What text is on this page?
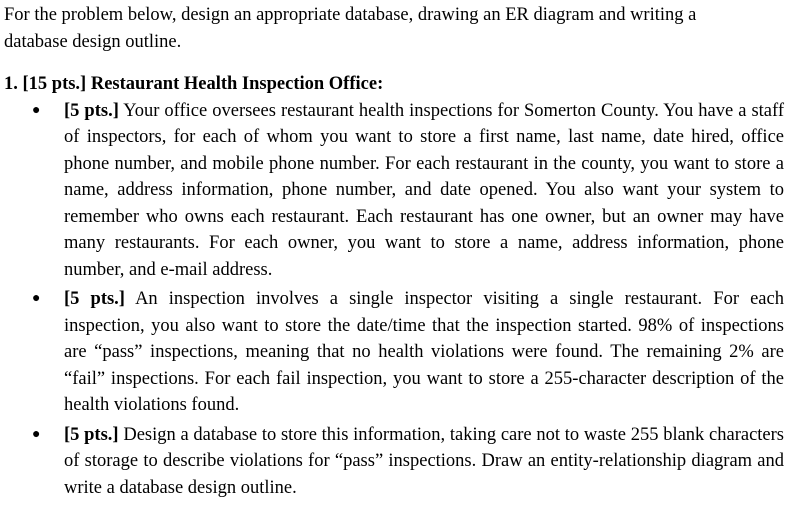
For the problem below, design an appropriate database, drawing an ER diagram and writing a database design outline.

1. [15 pts.] Restaurant Health Inspection Office:

● [5 pts.] Your office oversees restaurant health inspections for Somerton County. You have a staff of inspectors, for each of whom you want to store a first name, last name, date hired, office phone number, and mobile phone number. For each restaurant in the county, you want to store a name, address information, phone number, and date opened. You also want your system to remember who owns each restaurant. Each restaurant has one owner, but an owner may have many restaurants. For each owner, you want to store a name, address information, phone number, and e-mail address.
● [5 pts.] An inspection involves a single inspector visiting a single restaurant. For each inspection, you also want to store the date/time that the inspection started. 98% of inspections are “pass” inspections, meaning that no health violations were found. The remaining 2% are “fail” inspections. For each fail inspection, you want to store a 255-character description of the health violations found.
● [5 pts.] Design a database to store this information, taking care not to waste 255 blank characters of storage to describe violations for “pass” inspections. Draw an entity-relationship diagram and write a database design outline.
